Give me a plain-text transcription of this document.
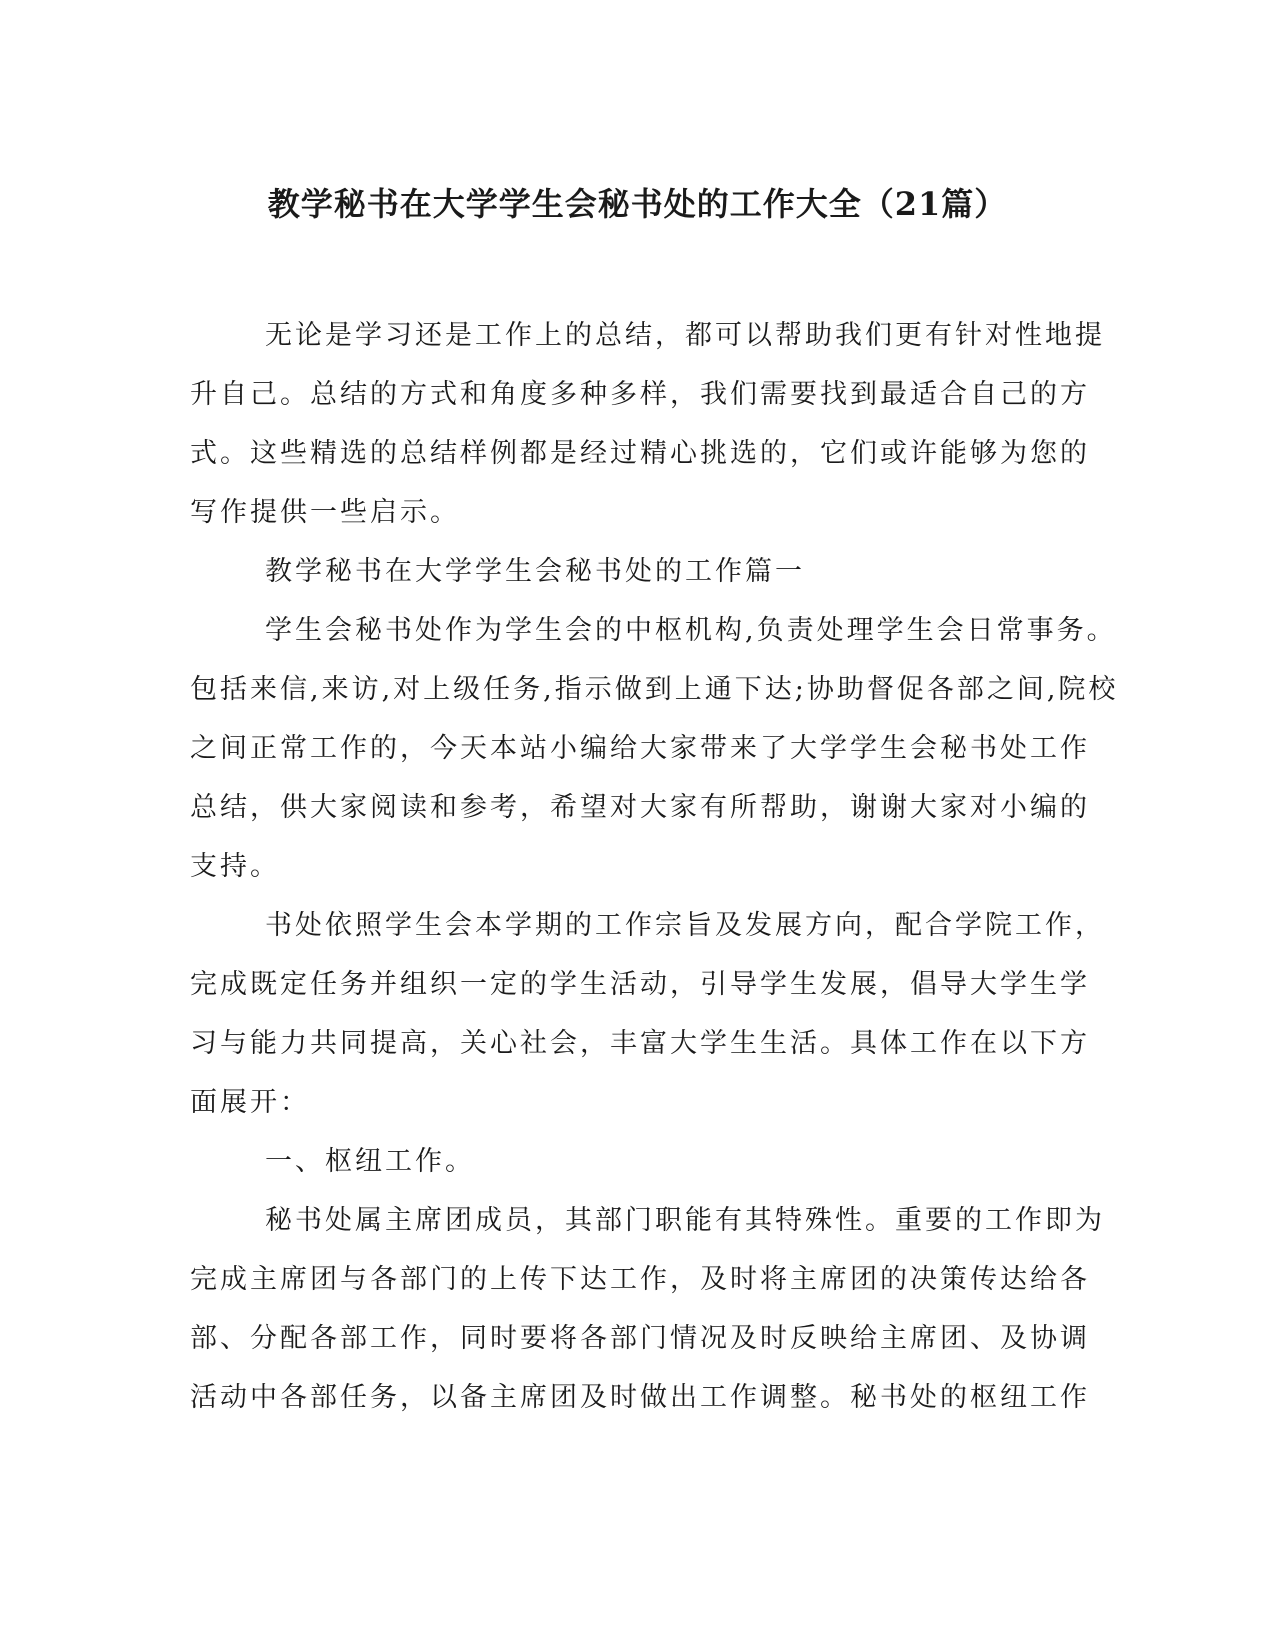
教学秘书在大学学生会秘书处的工作大全（21篇）
无论是学习还是工作上的总结，都可以帮助我们更有针对性地提
升自己。总结的方式和角度多种多样，我们需要找到最适合自己的方
式。这些精选的总结样例都是经过精心挑选的，它们或许能够为您的
写作提供一些启示。
教学秘书在大学学生会秘书处的工作篇一
学生会秘书处作为学生会的中枢机构,负责处理学生会日常事务。
包括来信,来访,对上级任务,指示做到上通下达;协助督促各部之间,院校
之间正常工作的，今天本站小编给大家带来了大学学生会秘书处工作
总结，供大家阅读和参考，希望对大家有所帮助，谢谢大家对小编的
支持。
书处依照学生会本学期的工作宗旨及发展方向，配合学院工作，
完成既定任务并组织一定的学生活动，引导学生发展，倡导大学生学
习与能力共同提高，关心社会，丰富大学生生活。具体工作在以下方
面展开：
一、枢纽工作。
秘书处属主席团成员，其部门职能有其特殊性。重要的工作即为
完成主席团与各部门的上传下达工作，及时将主席团的决策传达给各
部、分配各部工作，同时要将各部门情况及时反映给主席团、及协调
活动中各部任务，以备主席团及时做出工作调整。秘书处的枢纽工作
